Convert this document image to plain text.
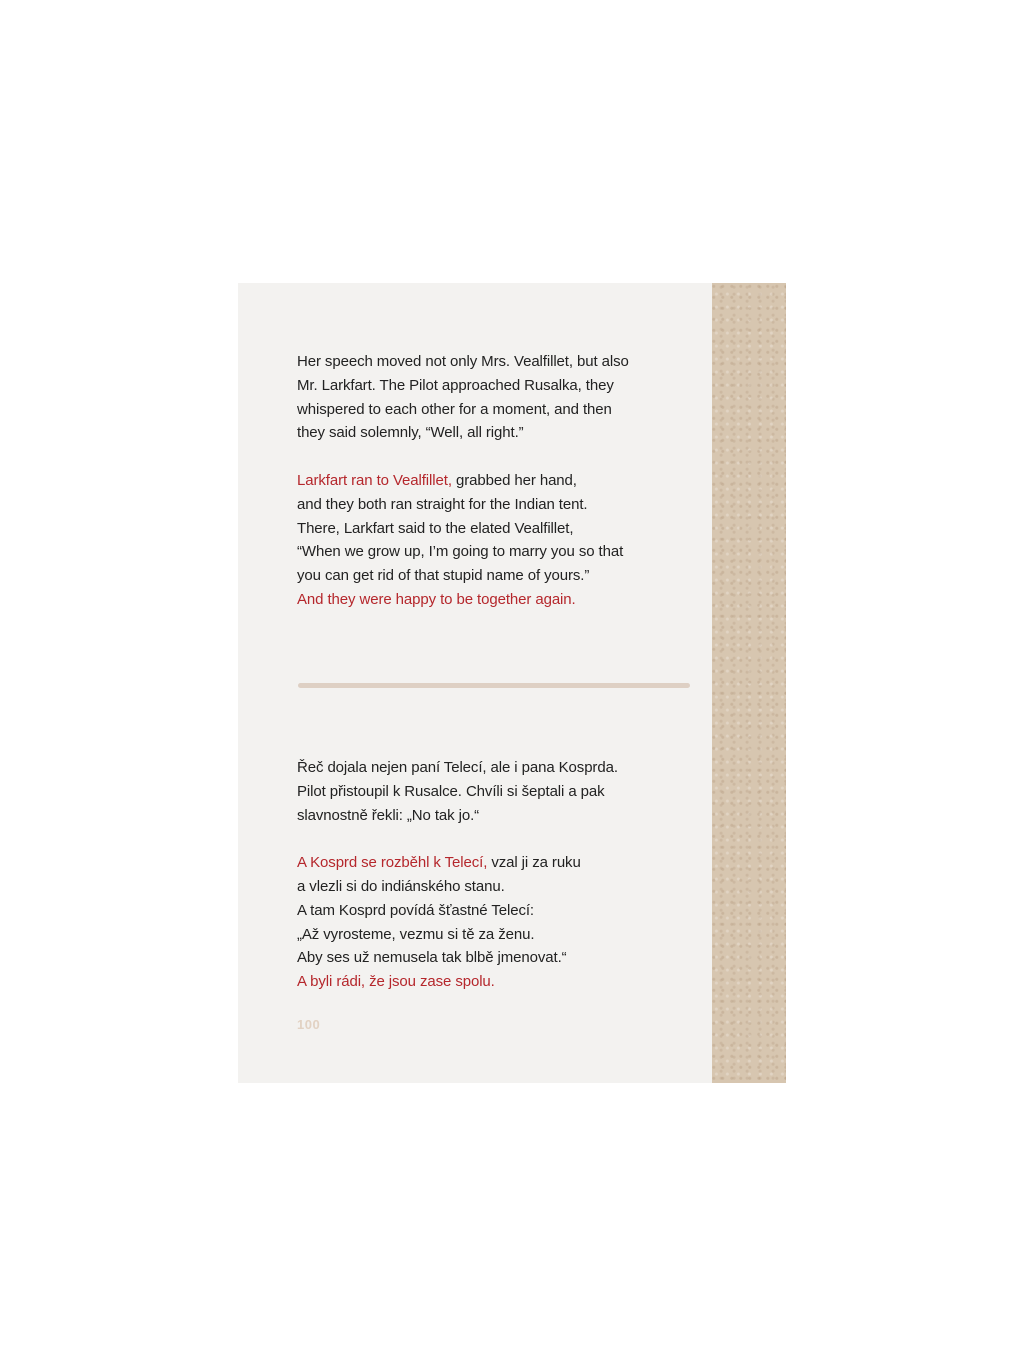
Her speech moved not only Mrs. Vealfillet, but also
Mr. Larkfart. The Pilot approached Rusalka, they
whispered to each other for a moment, and then
they said solemnly, “Well, all right.”

Larkfart ran to Vealfillet, grabbed her hand,
and they both ran straight for the Indian tent.
There, Larkfart said to the elated Vealfillet,
“When we grow up, I’m going to marry you so that
you can get rid of that stupid name of yours.”
And they were happy to be together again.

Řeč dojala nejen paní Telecí, ale i pana Kosprda.
Pilot přistoupil k Rusalce. Chvíli si šeptali a pak
slavnostně řekli: „No tak jo.“

A Kosprd se rozběhl k Telecí, vzal ji za ruku
a vlezli si do indiánského stanu.
A tam Kosprd povídá šťastné Telecí:
„Až vyrosteme, vezmu si tě za ženu.
Aby ses už nemusela tak blbě jmenovat.“
A byli rádi, že jsou zase spolu.

100
